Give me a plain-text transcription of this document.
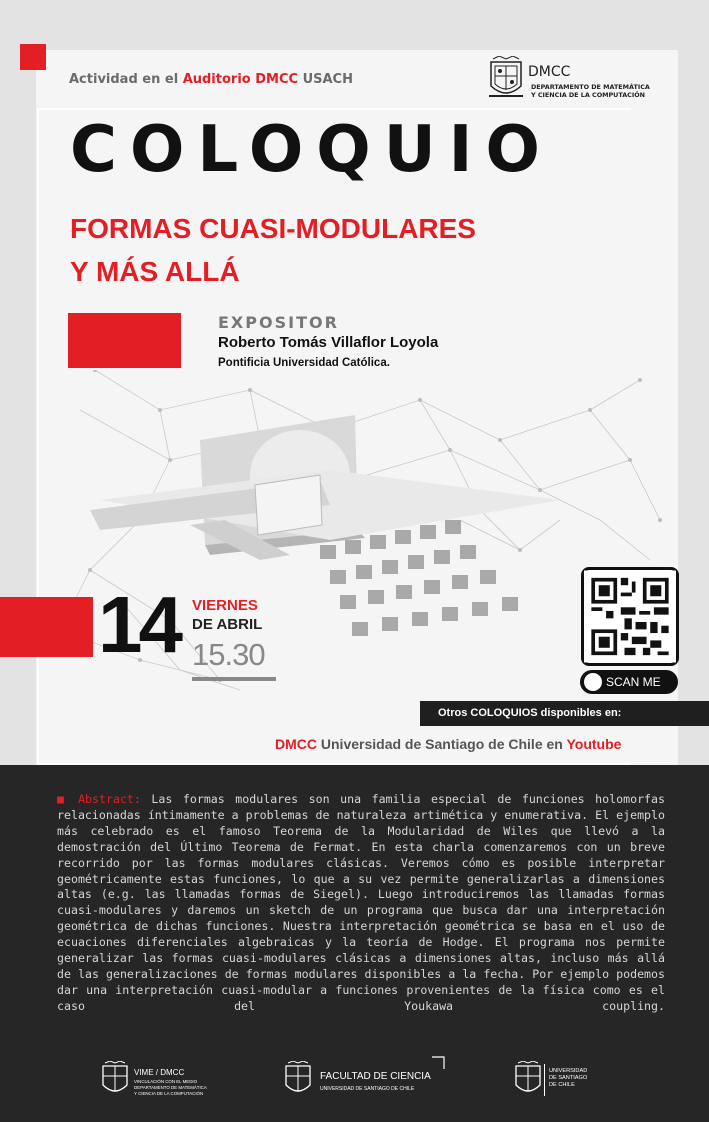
Actividad en el Auditorio DMCC USACH	DMCC
DEPARTAMENTO DE MATEMÁTICA
Y CIENCIA DE LA COMPUTACIÓN
COLOQUIO
FORMAS CUASI-MODULARES
Y MÁS ALLÁ
EXPOSITOR
Roberto Tomás Villaflor Loyola
Pontificia Universidad Católica.
14 VIERNES
DE ABRIL
15.30
SCAN ME
Otros COLOQUIOS disponibles en:
DMCC Universidad de Santiago de Chile en Youtube
■ Abstract: Las formas modulares son una familia especial de funciones holomorfas relacionadas íntimamente a problemas de naturaleza artimética y enumerativa. El ejemplo más celebrado es el famoso Teorema de la Modularidad de Wiles que llevó a la demostración del Último Teorema de Fermat. En esta charla comenzaremos con un breve recorrido por las formas modulares clásicas. Veremos cómo es posible interpretar geométricamente estas funciones, lo que a su vez permite generalizarlas a dimensiones altas (e.g. las llamadas formas de Siegel). Luego introduciremos las llamadas formas cuasi-modulares y daremos un sketch de un programa que busca dar una interpretación geométrica de dichas funciones. Nuestra interpretación geométrica se basa en el uso de ecuaciones diferenciales algebraicas y la teoría de Hodge. El programa nos permite generalizar las formas cuasi-modulares clásicas a dimensiones altas, incluso más allá de las generalizaciones de formas modulares disponibles a la fecha. Por ejemplo podemos dar una interpretación cuasi-modular a funciones provenientes de la física como es el caso del Youkawa coupling.
VIME / DMCC
VINCULACIÓN CON EL MEDIO
DEPARTAMENTO DE MATEMÁTICA
Y CIENCIA DE LA COMPUTACIÓN
FACULTAD DE CIENCIA
UNIVERSIDAD DE SANTIAGO DE CHILE
UNIVERSIDAD
DE SANTIAGO
DE CHILE
